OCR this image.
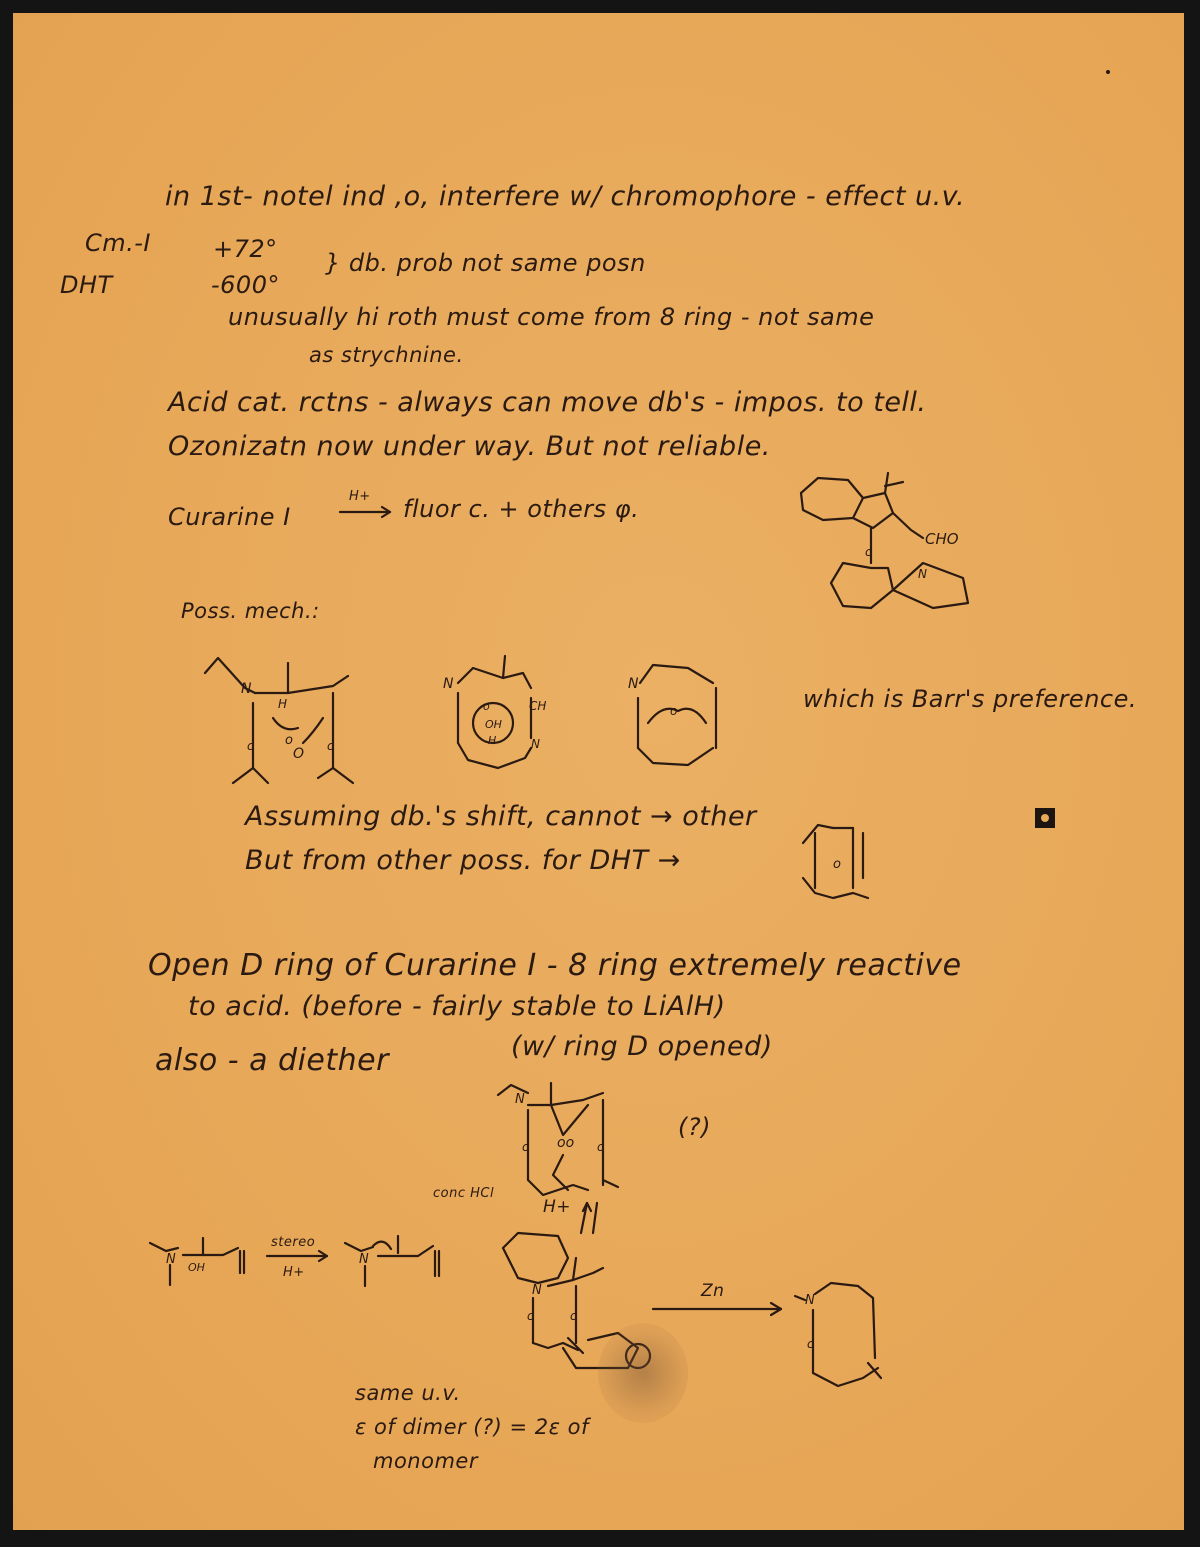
in 1st- notel ind ,o, interfere w/ chromophore - effect u.v.
Cm.-I	+72°
DHT	-600°
} db. prob not same posn
unusually hi roth must come from 8 ring - not same
as strychnine.
Acid cat. rctns - always can move db's - impos. to tell.
Ozonizatn now under way. But not reliable.
Curarine I
H+ → fluor c. + others φ.
CHO
c
N
Poss. mech.:
N
H
o
O
c	c
N
o
OH
H
CH
N
N
o	which is Barr's preference.
Assuming db.'s shift, cannot → other
But from other poss. for DHT →	o
Open D ring of Curarine I - 8 ring extremely reactive
to acid. (before - fairly stable to LiAlH)
also - a diether	(w/ ring D opened)
N
oo
c	c
(?)
conc HCl
H+
N
OH
stereo
H+
N
N
c	c
Zn	N
c
same u.v.
ε of dimer (?) = 2ε of
monomer
